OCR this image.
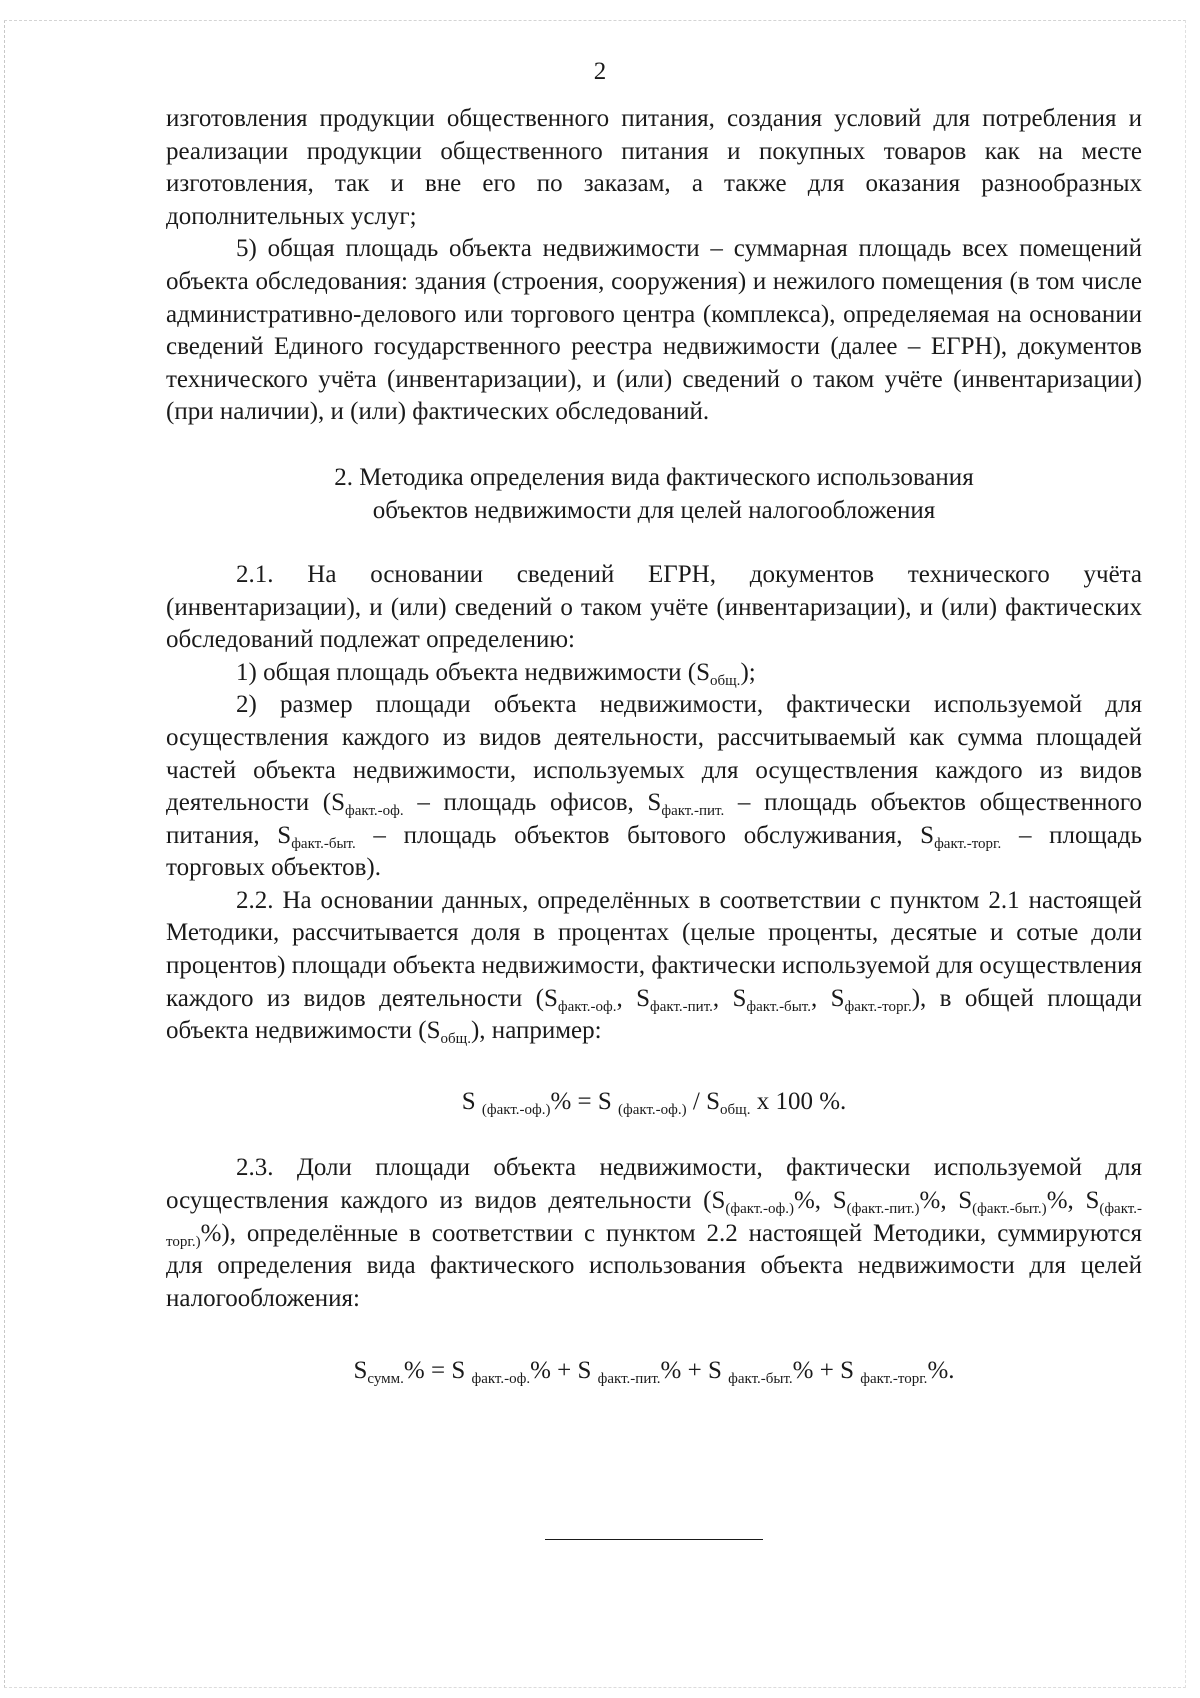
2

изготовления продукции общественного питания, создания условий для потребления и реализации продукции общественного питания и покупных товаров как на месте изготовления, так и вне его по заказам, а также для оказания разнообразных дополнительных услуг;

5) общая площадь объекта недвижимости – суммарная площадь всех помещений объекта обследования: здания (строения, сооружения) и нежилого помещения (в том числе административно-делового или торгового центра (комплекса), определяемая на основании сведений Единого государственного реестра недвижимости (далее – ЕГРН), документов технического учёта (инвентаризации), и (или) сведений о таком учёте (инвентаризации) (при наличии), и (или) фактических обследований.

2. Методика определения вида фактического использования
объектов недвижимости для целей налогообложения

2.1. На основании сведений ЕГРН, документов технического учёта (инвентаризации), и (или) сведений о таком учёте (инвентаризации), и (или) фактических обследований подлежат определению:

1) общая площадь объекта недвижимости $(S_{общ.})$;

2) размер площади объекта недвижимости, фактически используемой для осуществления каждого из видов деятельности, рассчитываемый как сумма площадей частей объекта недвижимости, используемых для осуществления каждого из видов деятельности ($S_{факт.-оф.}$ – площадь офисов, $S_{факт.-пит.}$ – площадь объектов общественного питания, $S_{факт.-быт.}$ – площадь объектов бытового обслуживания, $S_{факт.-торг.}$ – площадь торговых объектов).

2.2. На основании данных, определённых в соответствии с пунктом 2.1 настоящей Методики, рассчитывается доля в процентах (целые проценты, десятые и сотые доли процентов) площади объекта недвижимости, фактически используемой для осуществления каждого из видов деятельности ($S_{факт.-оф.}$, $S_{факт.-пит.}$, $S_{факт.-быт.}$, $S_{факт.-торг.}$), в общей площади объекта недвижимости $(S_{общ.})$, например:

S $_{(факт.-оф.)}$% = S $_{(факт.-оф.)} / S_{общ.}$ х 100 %.

2.3. Доли площади объекта недвижимости, фактически используемой для осуществления каждого из видов деятельности ($S_{(факт.-оф.)}\%$, $S_{(факт.-пит.)}\%$, $S_{(факт.-быт.)}\%$, $S_{(факт.-торг.)}\%$), определённые в соответствии с пунктом 2.2 настоящей Методики, суммируются для определения вида фактического использования объекта недвижимости для целей налогообложения:

$S_{сумм.}\% = S$ $_{факт.-оф.}$% + S $_{факт.-пит.}$% + S $_{факт.-быт.}$% + S $_{факт.-торг.}$%.
